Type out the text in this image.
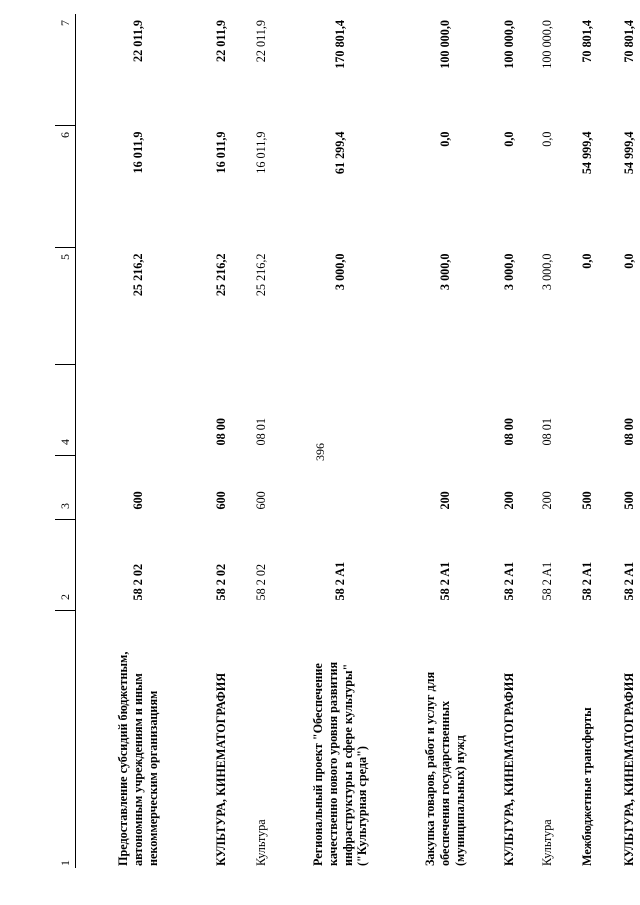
396
1	2	3	4	5	6	7
Предоставление субсидий бюджетным, автономным учреждениям и иным некоммерческим организациям	58 2 02	600		25 216,2	16 011,9	22 011,9
КУЛЬТУРА, КИНЕМАТОГРАФИЯ	58 2 02	600	08 00	25 216,2	16 011,9	22 011,9
Культура	58 2 02	600	08 01	25 216,2	16 011,9	22 011,9
Региональный проект "Обеспечение качественно нового уровня развития инфраструктуры в сфере культуры" ("Культурная среда")	58 2 A1			3 000,0	61 299,4	170 801,4
Закупка товаров, работ и услуг для обеспечения государственных (муниципальных) нужд	58 2 A1	200		3 000,0	0,0	100 000,0
КУЛЬТУРА, КИНЕМАТОГРАФИЯ	58 2 A1	200	08 00	3 000,0	0,0	100 000,0
Культура	58 2 A1	200	08 01	3 000,0	0,0	100 000,0
Межбюджетные трансферты	58 2 A1	500		0,0	54 999,4	70 801,4
КУЛЬТУРА, КИНЕМАТОГРАФИЯ	58 2 A1	500	08 00	0,0	54 999,4	70 801,4
